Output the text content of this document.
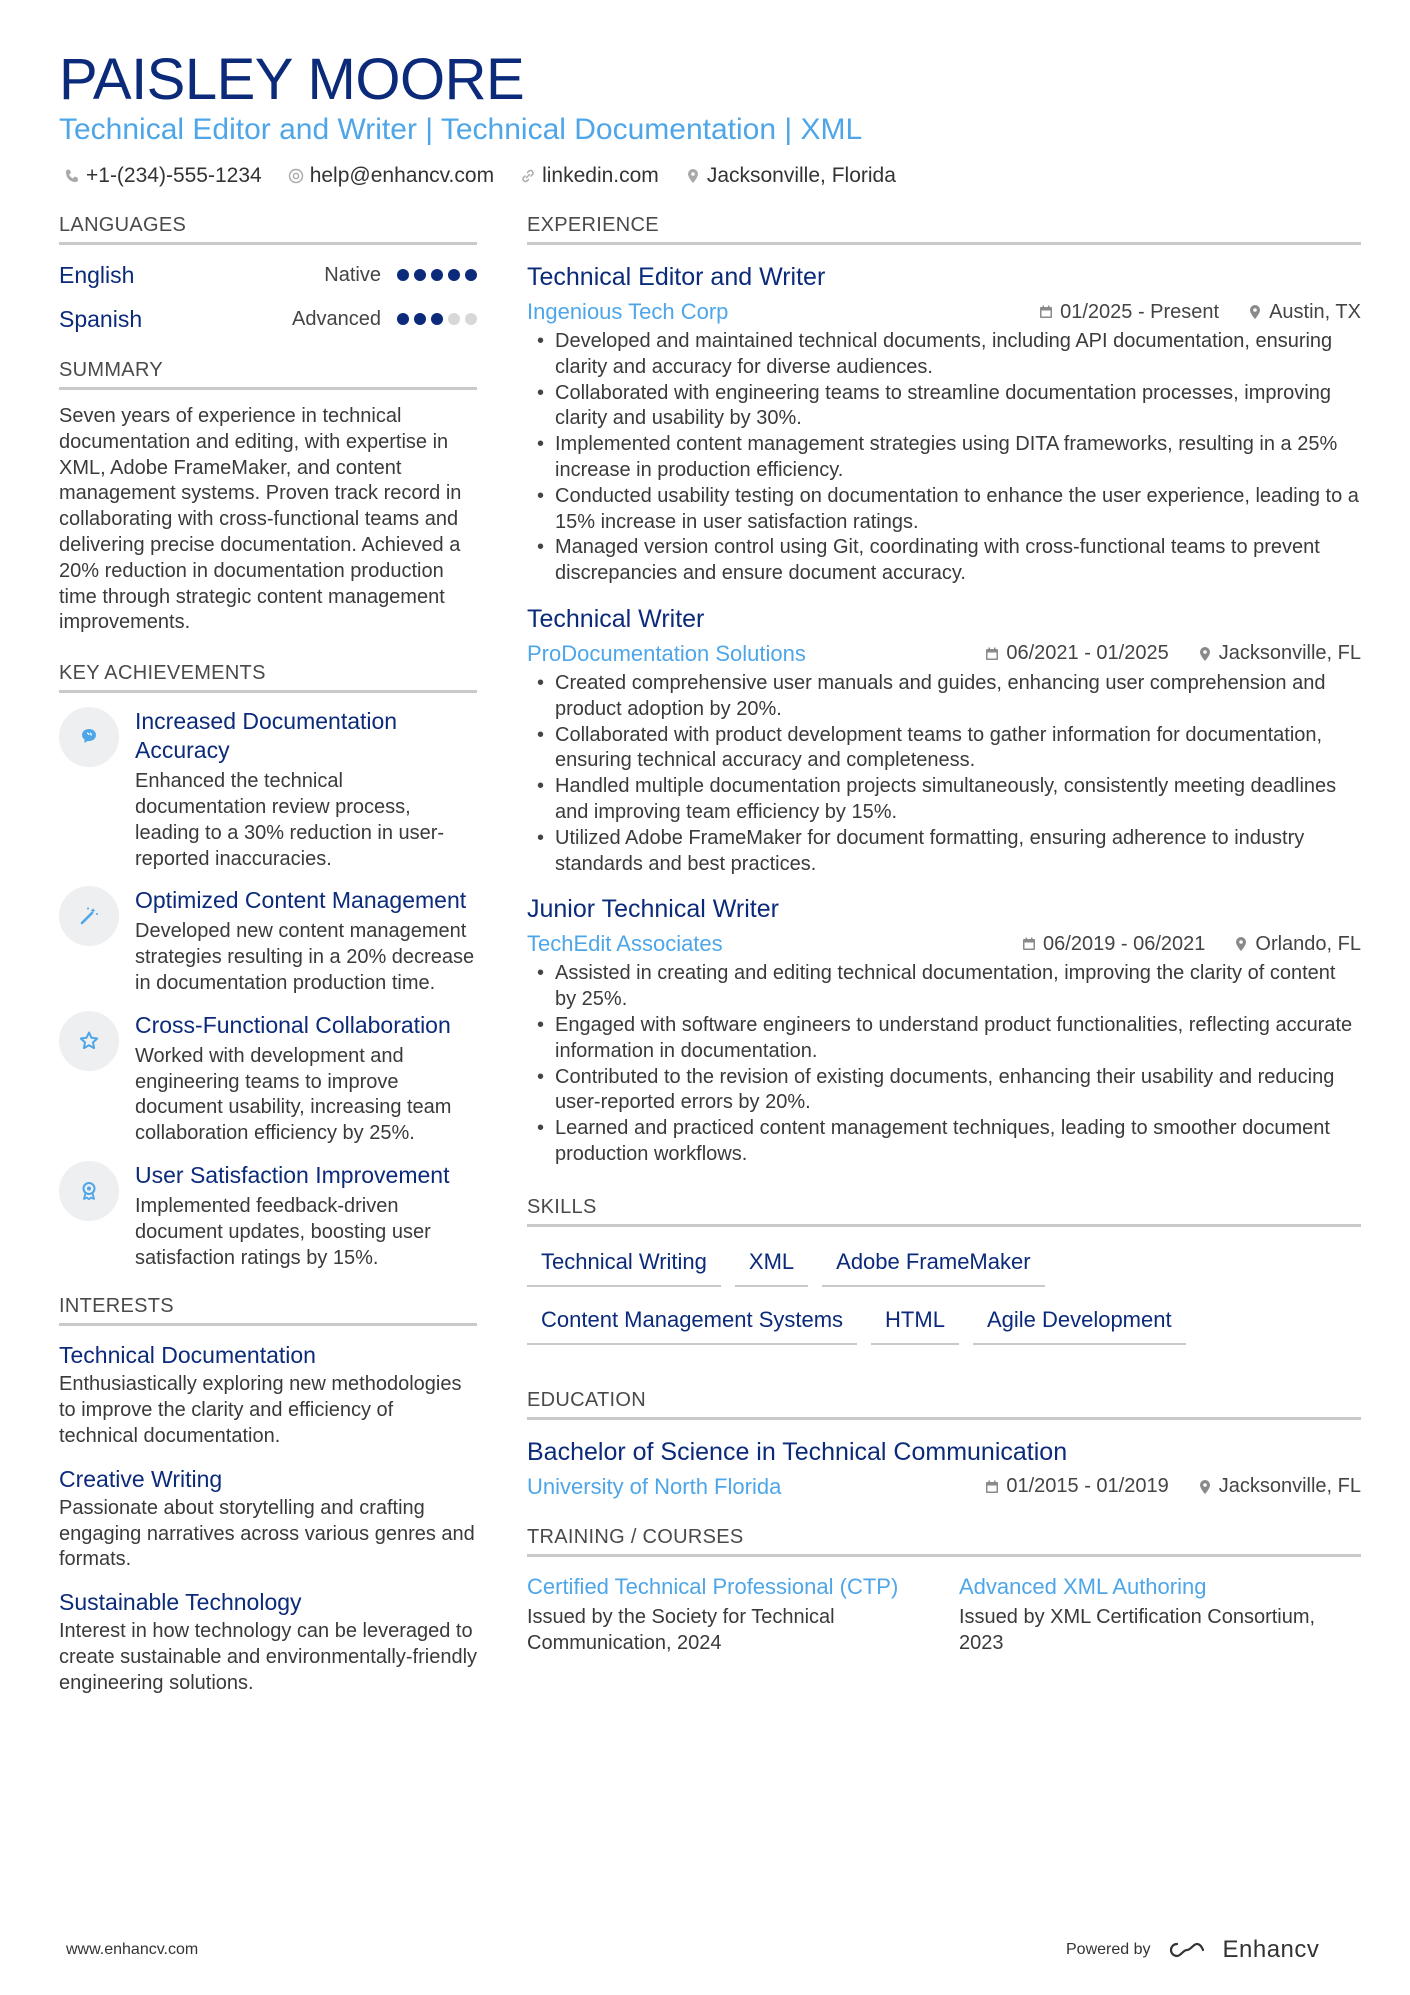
PAISLEY MOORE
Technical Editor and Writer | Technical Documentation | XML
+1-(234)-555-1234 help@enhancv.com linkedin.com Jacksonville, Florida
LANGUAGES
English	Native
Spanish	Advanced
SUMMARY
Seven years of experience in technical documentation and editing, with expertise in XML, Adobe FrameMaker, and content management systems. Proven track record in collaborating with cross-functional teams and delivering precise documentation. Achieved a 20% reduction in documentation production time through strategic content management improvements.
KEY ACHIEVEMENTS
Increased Documentation Accuracy
Enhanced the technical documentation review process, leading to a 30% reduction in user-reported inaccuracies.
Optimized Content Management
Developed new content management strategies resulting in a 20% decrease in documentation production time.
Cross-Functional Collaboration
Worked with development and engineering teams to improve document usability, increasing team collaboration efficiency by 25%.
User Satisfaction Improvement
Implemented feedback-driven document updates, boosting user satisfaction ratings by 15%.
INTERESTS
Technical Documentation
Enthusiastically exploring new methodologies to improve the clarity and efficiency of technical documentation.
Creative Writing
Passionate about storytelling and crafting engaging narratives across various genres and formats.
Sustainable Technology
Interest in how technology can be leveraged to create sustainable and environmentally-friendly engineering solutions.
EXPERIENCE
Technical Editor and Writer
Ingenious Tech Corp	01/2025 - Present	Austin, TX
• Developed and maintained technical documents, including API documentation, ensuring clarity and accuracy for diverse audiences.
• Collaborated with engineering teams to streamline documentation processes, improving clarity and usability by 30%.
• Implemented content management strategies using DITA frameworks, resulting in a 25% increase in production efficiency.
• Conducted usability testing on documentation to enhance the user experience, leading to a 15% increase in user satisfaction ratings.
• Managed version control using Git, coordinating with cross-functional teams to prevent discrepancies and ensure document accuracy.
Technical Writer
ProDocumentation Solutions	06/2021 - 01/2025	Jacksonville, FL
• Created comprehensive user manuals and guides, enhancing user comprehension and product adoption by 20%.
• Collaborated with product development teams to gather information for documentation, ensuring technical accuracy and completeness.
• Handled multiple documentation projects simultaneously, consistently meeting deadlines and improving team efficiency by 15%.
• Utilized Adobe FrameMaker for document formatting, ensuring adherence to industry standards and best practices.
Junior Technical Writer
TechEdit Associates	06/2019 - 06/2021	Orlando, FL
• Assisted in creating and editing technical documentation, improving the clarity of content by 25%.
• Engaged with software engineers to understand product functionalities, reflecting accurate information in documentation.
• Contributed to the revision of existing documents, enhancing their usability and reducing user-reported errors by 20%.
• Learned and practiced content management techniques, leading to smoother document production workflows.
SKILLS
Technical Writing	XML	Adobe FrameMaker
Content Management Systems	HTML	Agile Development
EDUCATION
Bachelor of Science in Technical Communication
University of North Florida	01/2015 - 01/2019	Jacksonville, FL
TRAINING / COURSES
Certified Technical Professional (CTP)
Issued by the Society for Technical Communication, 2024
Advanced XML Authoring
Issued by XML Certification Consortium, 2023
www.enhancv.com	Powered by	Enhancv
